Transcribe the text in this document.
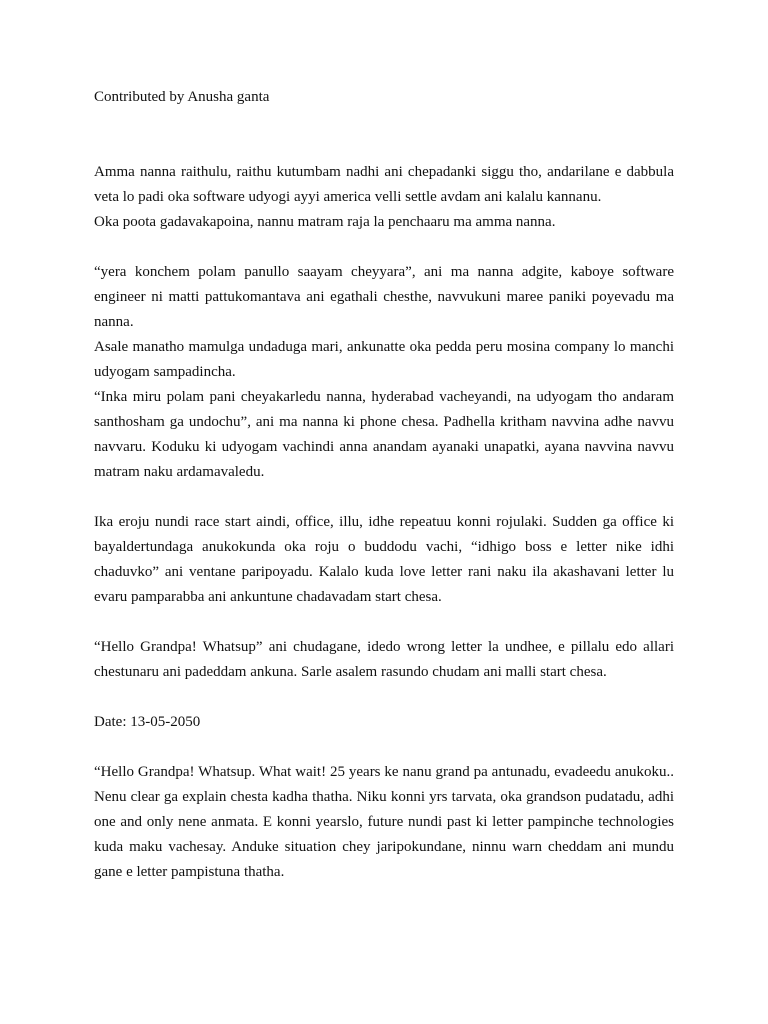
Contributed by Anusha ganta

Amma nanna raithulu, raithu kutumbam nadhi ani chepadanki siggu tho, andarilane e dabbula veta lo padi oka software udyogi ayyi america velli settle avdam ani kalalu kannanu.

Oka poota gadavakapoina, nannu matram raja la penchaaru ma amma nanna.

“yera konchem polam panullo saayam cheyyara”, ani ma nanna adgite, kaboye software engineer ni matti pattukomantava ani egathali chesthe, navvukuni maree paniki poyevadu ma nanna.

Asale manatho mamulga undaduga mari, ankunatte oka pedda peru mosina company lo manchi udyogam sampadincha.

“Inka miru polam pani cheyakarledu nanna, hyderabad vacheyandi, na udyogam tho andaram santhosham ga undochu”, ani ma nanna ki phone chesa. Padhella kritham navvina adhe navvu navvaru. Koduku ki udyogam vachindi anna anandam ayanaki unapatki, ayana navvina navvu matram naku ardamavaledu.

Ika eroju nundi race start aindi, office, illu, idhe repeatuu konni rojulaki. Sudden ga office ki bayaldertundaga anukokunda oka roju o buddodu vachi, “idhigo boss e letter nike idhi chaduvko” ani ventane paripoyadu. Kalalo kuda love letter rani naku ila akashavani letter lu evaru pamparabba ani ankuntune chadavadam start chesa.

“Hello Grandpa! Whatsup” ani chudagane, idedo wrong letter la undhee, e pillalu edo allari chestunaru ani padeddam ankuna. Sarle asalem rasundo chudam ani malli start chesa.

Date: 13-05-2050

“Hello Grandpa! Whatsup. What wait! 25 years ke nanu grand pa antunadu, evadeedu anukoku.. Nenu clear ga explain chesta kadha thatha. Niku konni yrs tarvata, oka grandson pudatadu, adhi one and only nene anmata. E konni yearslo, future nundi past ki letter pampinche technologies kuda maku vachesay. Anduke situation chey jaripokundane, ninnu warn cheddam ani mundu gane e letter pampistuna thatha.
